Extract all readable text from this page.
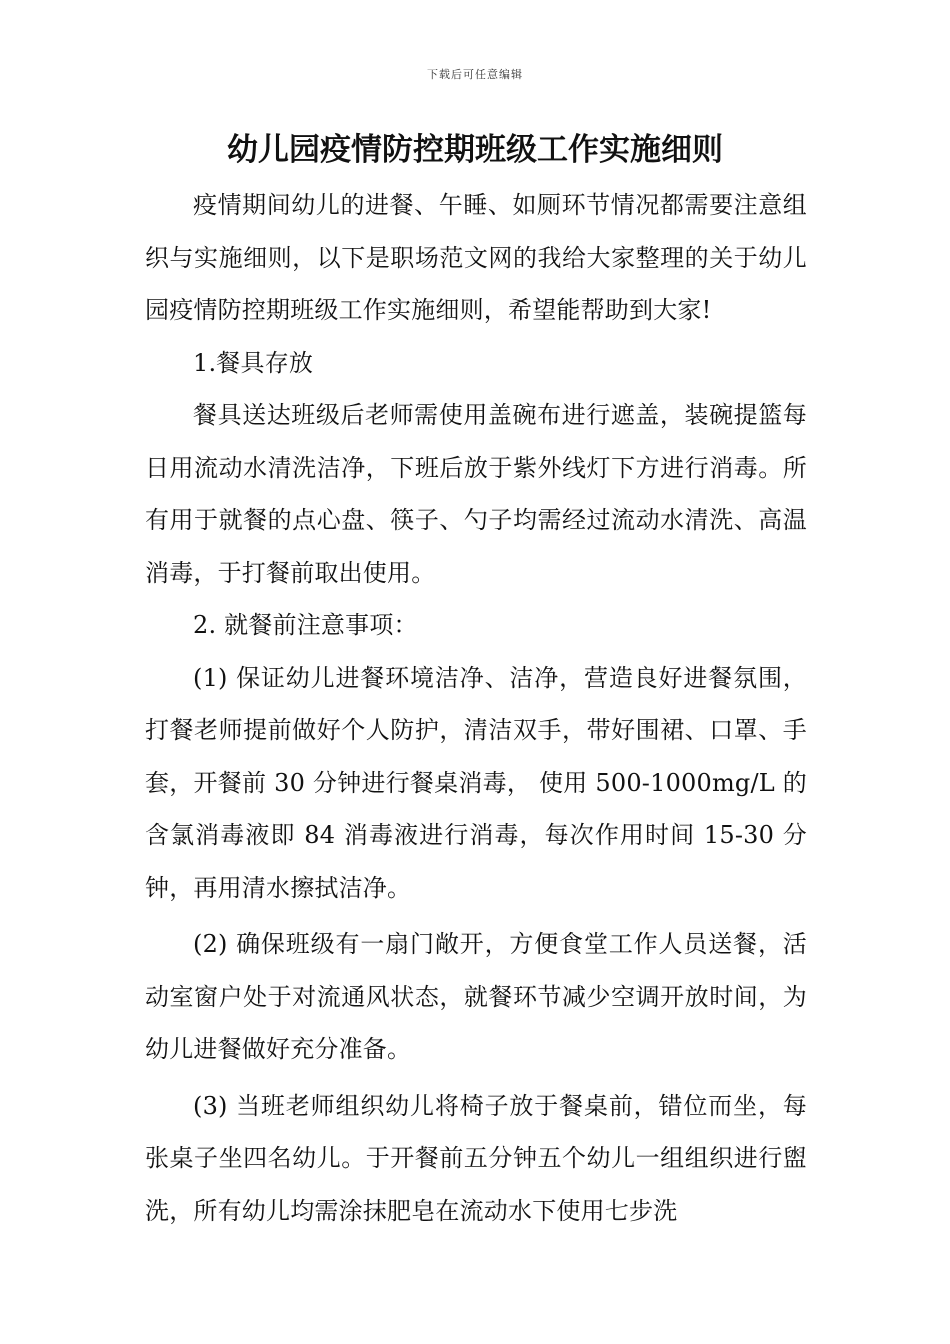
下载后可任意编辑
幼儿园疫情防控期班级工作实施细则

疫情期间幼儿的进餐、午睡、如厕环节情况都需要注意组织与实施细则，以下是职场范文网的我给大家整理的关于幼儿园疫情防控期班级工作实施细则，希望能帮助到大家!

1.餐具存放

餐具送达班级后老师需使用盖碗布进行遮盖，装碗提篮每日用流动水清洗洁净，下班后放于紫外线灯下方进行消毒。所有用于就餐的点心盘、筷子、勺子均需经过流动水清洗、高温消毒，于打餐前取出使用。

2. 就餐前注意事项：

(1) 保证幼儿进餐环境洁净、洁净，营造良好进餐氛围，打餐老师提前做好个人防护，清洁双手，带好围裙、口罩、手套，开餐前 30 分钟进行餐桌消毒， 使用 500-1000mg/L 的含氯消毒液即 84 消毒液进行消毒，每次作用时间 15-30 分钟，再用清水擦拭洁净。

(2) 确保班级有一扇门敞开，方便食堂工作人员送餐，活动室窗户处于对流通风状态，就餐环节减少空调开放时间，为幼儿进餐做好充分准备。

(3) 当班老师组织幼儿将椅子放于餐桌前，错位而坐，每张桌子坐四名幼儿。于开餐前五分钟五个幼儿一组组织进行盥洗，所有幼儿均需涂抹肥皂在流动水下使用七步洗
